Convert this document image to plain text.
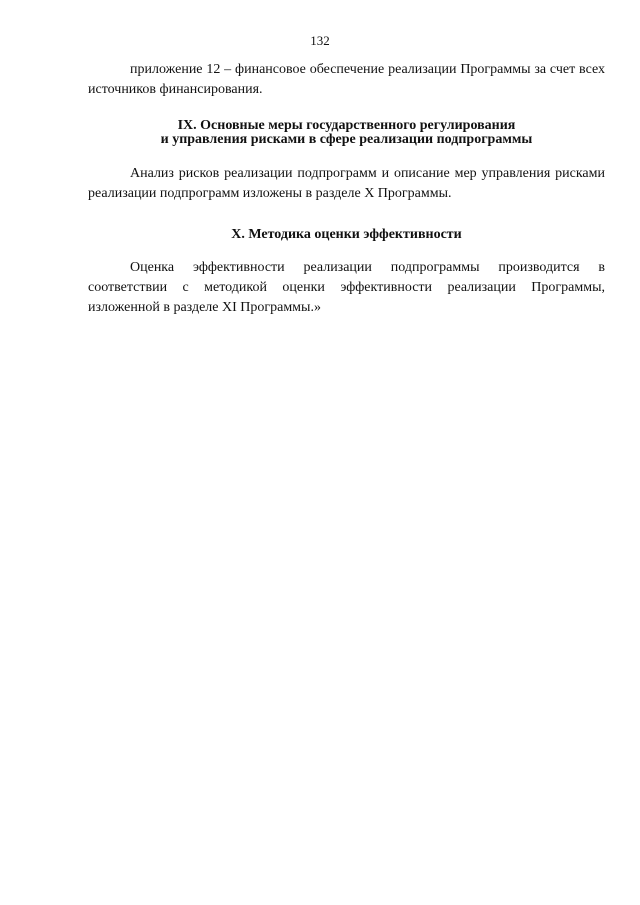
132

приложение 12 – финансовое обеспечение реализации Программы за счет всех источников финансирования.

IX. Основные меры государственного регулирования
и управления рисками в сфере реализации подпрограммы

Анализ рисков реализации подпрограмм и описание мер управления рисками реализации подпрограмм изложены в разделе X Программы.

X. Методика оценки эффективности

Оценка эффективности реализации подпрограммы производится в соответствии с методикой оценки эффективности реализации Программы, изложенной в разделе XI Программы.»
